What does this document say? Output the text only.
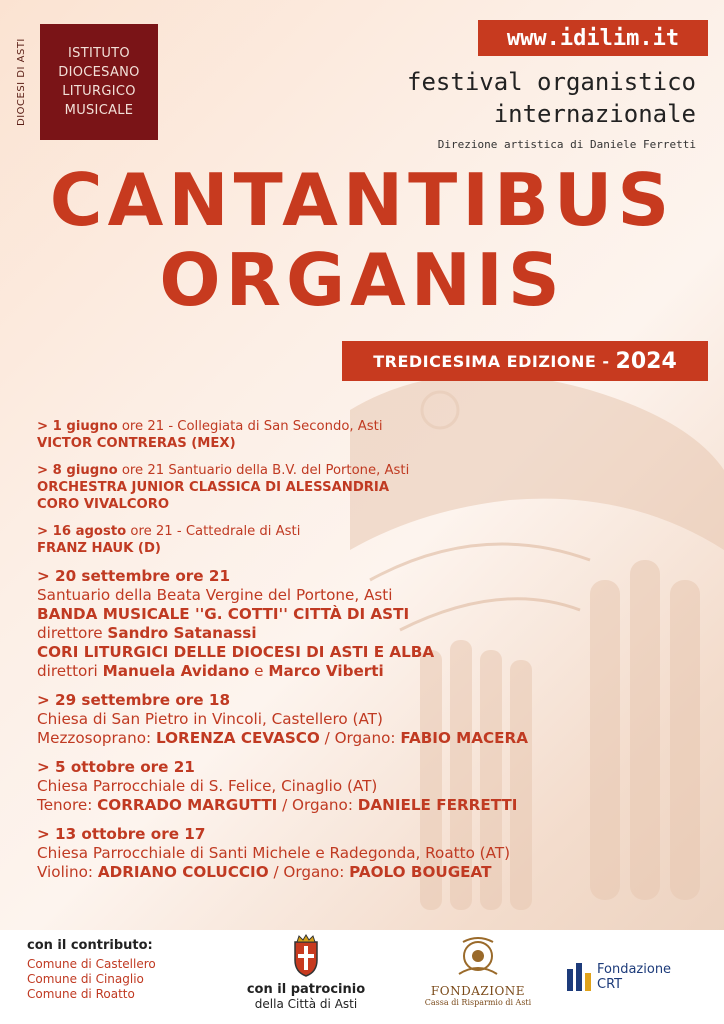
DIOCESI DI ASTI	ISTITUTO
DIOCESANO
LITURGICO
MUSICALE
www.idilim.it
festival organistico
internazionale
Direzione artistica di Daniele Ferretti
CANTANTIBUS
ORGANIS
TREDICESIMA EDIZIONE - 2024
> 1 giugno ore 21 - Collegiata di San Secondo, Asti
VICTOR CONTRERAS (MEX)
> 8 giugno ore 21 Santuario della B.V. del Portone, Asti
ORCHESTRA JUNIOR CLASSICA DI ALESSANDRIA
CORO VIVALCORO
> 16 agosto ore 21 - Cattedrale di Asti
FRANZ HAUK (D)
> 20 settembre ore 21
Santuario della Beata Vergine del Portone, Asti
BANDA MUSICALE ''G. COTTI'' CITTÀ DI ASTI
direttore Sandro Satanassi
CORI LITURGICI DELLE DIOCESI DI ASTI E ALBA
direttori Manuela Avidano e Marco Viberti
> 29 settembre ore 18
Chiesa di San Pietro in Vincoli, Castellero (AT)
Mezzosoprano: LORENZA CEVASCO / Organo: FABIO MACERA
> 5 ottobre ore 21
Chiesa Parrocchiale di S. Felice, Cinaglio (AT)
Tenore: CORRADO MARGUTTI / Organo: DANIELE FERRETTI
> 13 ottobre ore 17
Chiesa Parrocchiale di Santi Michele e Radegonda, Roatto (AT)
Violino: ADRIANO COLUCCIO / Organo: PAOLO BOUGEAT
con il contributo:
Comune di Castellero
Comune di Cinaglio
Comune di Roatto	con il patrocinio
della Città di Asti
FONDAZIONE
Cassa di Risparmio di Asti
Fondazione
CRT
